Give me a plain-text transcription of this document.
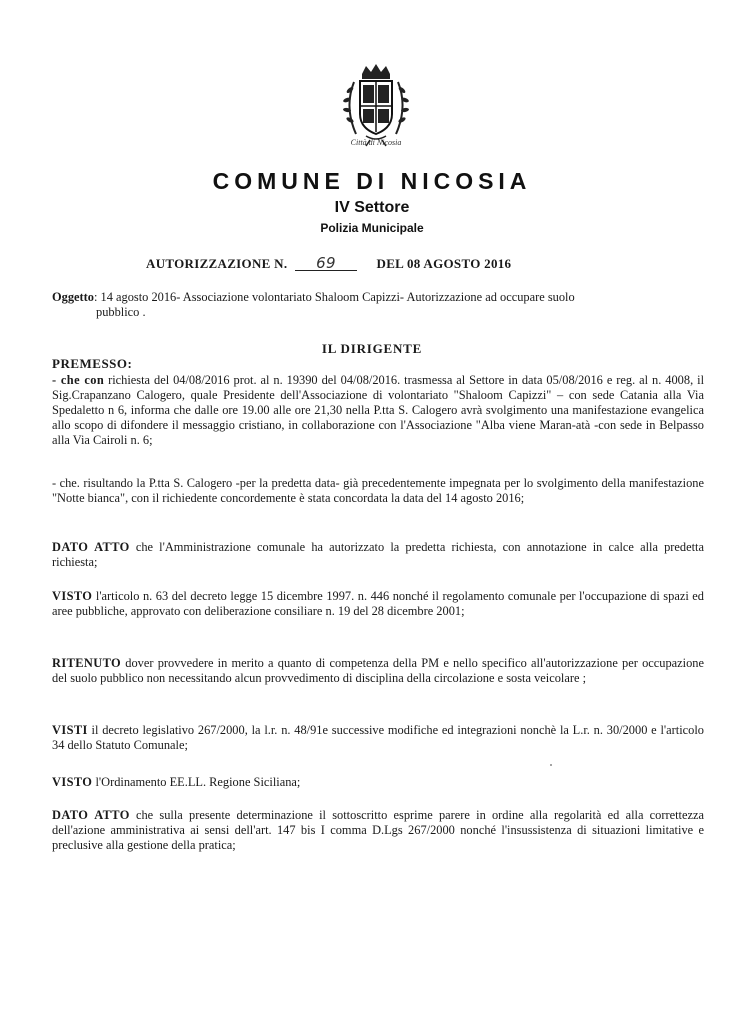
Città di Nicosia
COMUNE DI NICOSIA
IV Settore
Polizia Municipale
AUTORIZZAZIONE N. 69	DEL 08 AGOSTO 2016
Oggetto: 14 agosto 2016- Associazione volontariato Shaloom Capizzi- Autorizzazione ad occupare suolo
pubblico .
IL DIRIGENTE
PREMESSO:
- che con richiesta del 04/08/2016 prot. al n. 19390 del 04/08/2016. trasmessa al Settore in data 05/08/2016 e reg. al n. 4008, il Sig.Crapanzano Calogero, quale Presidente dell'Associazione di volontariato "Shaloom Capizzi" – con sede Catania alla Via Spedaletto n 6, informa che dalle ore 19.00 alle ore 21,30 nella P.tta S. Calogero avrà svolgimento una manifestazione evangelica allo scopo di difondere il messaggio cristiano, in collaborazione con l'Associazione "Alba viene Maran-atà -con sede in Belpasso alla Via Cairoli n. 6;
- che. risultando la P.tta S. Calogero -per la predetta data- già precedentemente impegnata per lo svolgimento della manifestazione "Notte bianca", con il richiedente concordemente è stata concordata la data del 14 agosto 2016;
DATO ATTO che l'Amministrazione comunale ha autorizzato la predetta richiesta, con annotazione in calce alla predetta richiesta;
VISTO l'articolo n. 63 del decreto legge 15 dicembre 1997. n. 446 nonché il regolamento comunale per l'occupazione di spazi ed aree pubbliche, approvato con deliberazione consiliare n. 19 del 28 dicembre 2001;
RITENUTO dover provvedere in merito a quanto di competenza della PM e nello specifico all'autorizzazione per occupazione del suolo pubblico non necessitando alcun provvedimento di disciplina della circolazione e sosta veicolare ;
VISTI il decreto legislativo 267/2000, la l.r. n. 48/91e successive modifiche ed integrazioni nonchè la L.r. n. 30/2000 e l'articolo 34 dello Statuto Comunale;
VISTO l'Ordinamento EE.LL. Regione Siciliana;
DATO ATTO che sulla presente determinazione il sottoscritto esprime parere in ordine alla regolarità ed alla correttezza dell'azione amministrativa ai sensi dell'art. 147 bis I comma D.Lgs 267/2000 nonché l'insussistenza di situazioni limitative e preclusive alla gestione della pratica;
